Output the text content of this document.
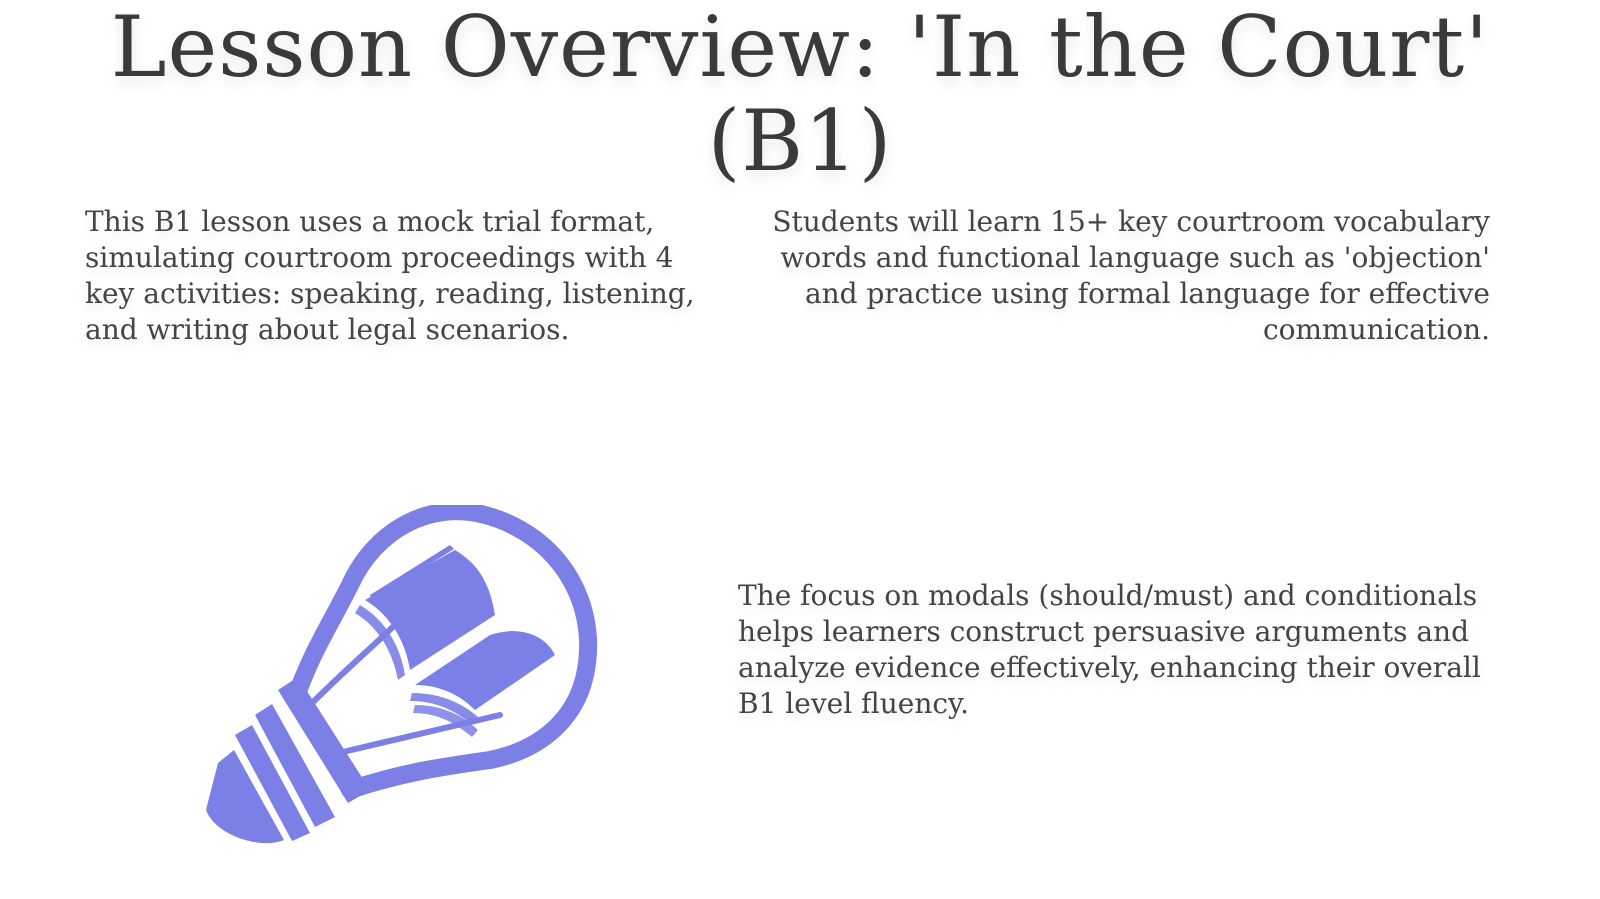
Lesson Overview: 'In the Court' (B1)

This B1 lesson uses a mock trial format, simulating courtroom proceedings with 4 key activities: speaking, reading, listening, and writing about legal scenarios.

Students will learn 15+ key courtroom vocabulary words and functional language such as 'objection' and practice using formal language for effective communication.

The focus on modals (should/must) and conditionals helps learners construct persuasive arguments and analyze evidence effectively, enhancing their overall B1 level fluency.
